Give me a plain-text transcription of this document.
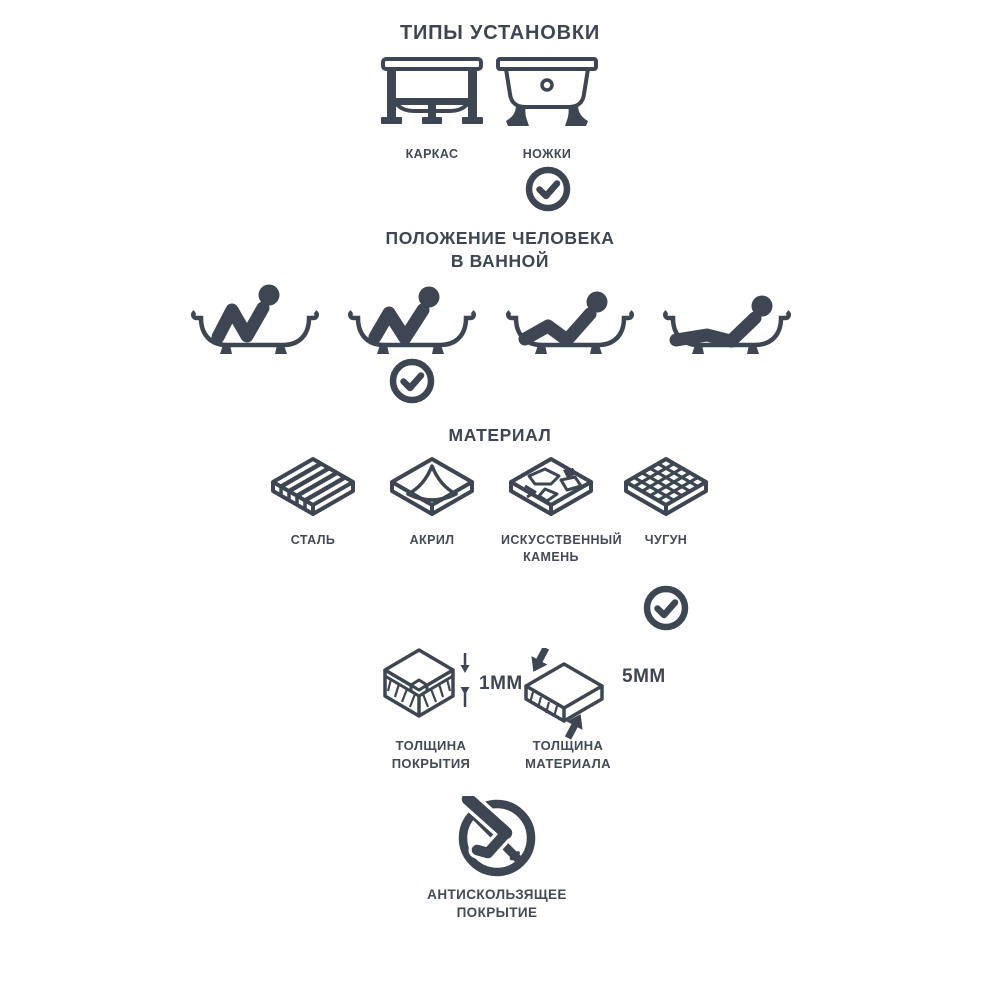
ТИПЫ УСТАНОВКИ
КАРКАС	НОЖКИ
ПОЛОЖЕНИЕ ЧЕЛОВЕКА
В ВАННОЙ
МАТЕРИАЛ
СТАЛЬ	АКРИЛ	ИСКУССТВЕННЫЙ
КАМЕНЬ
ЧУГУН
1ММ
ТОЛЩИНА
ПОКРЫТИЯ
5ММ
ТОЛЩИНА
МАТЕРИАЛА
АНТИСКОЛЬЗЯЩЕЕ
ПОКРЫТИЕ
